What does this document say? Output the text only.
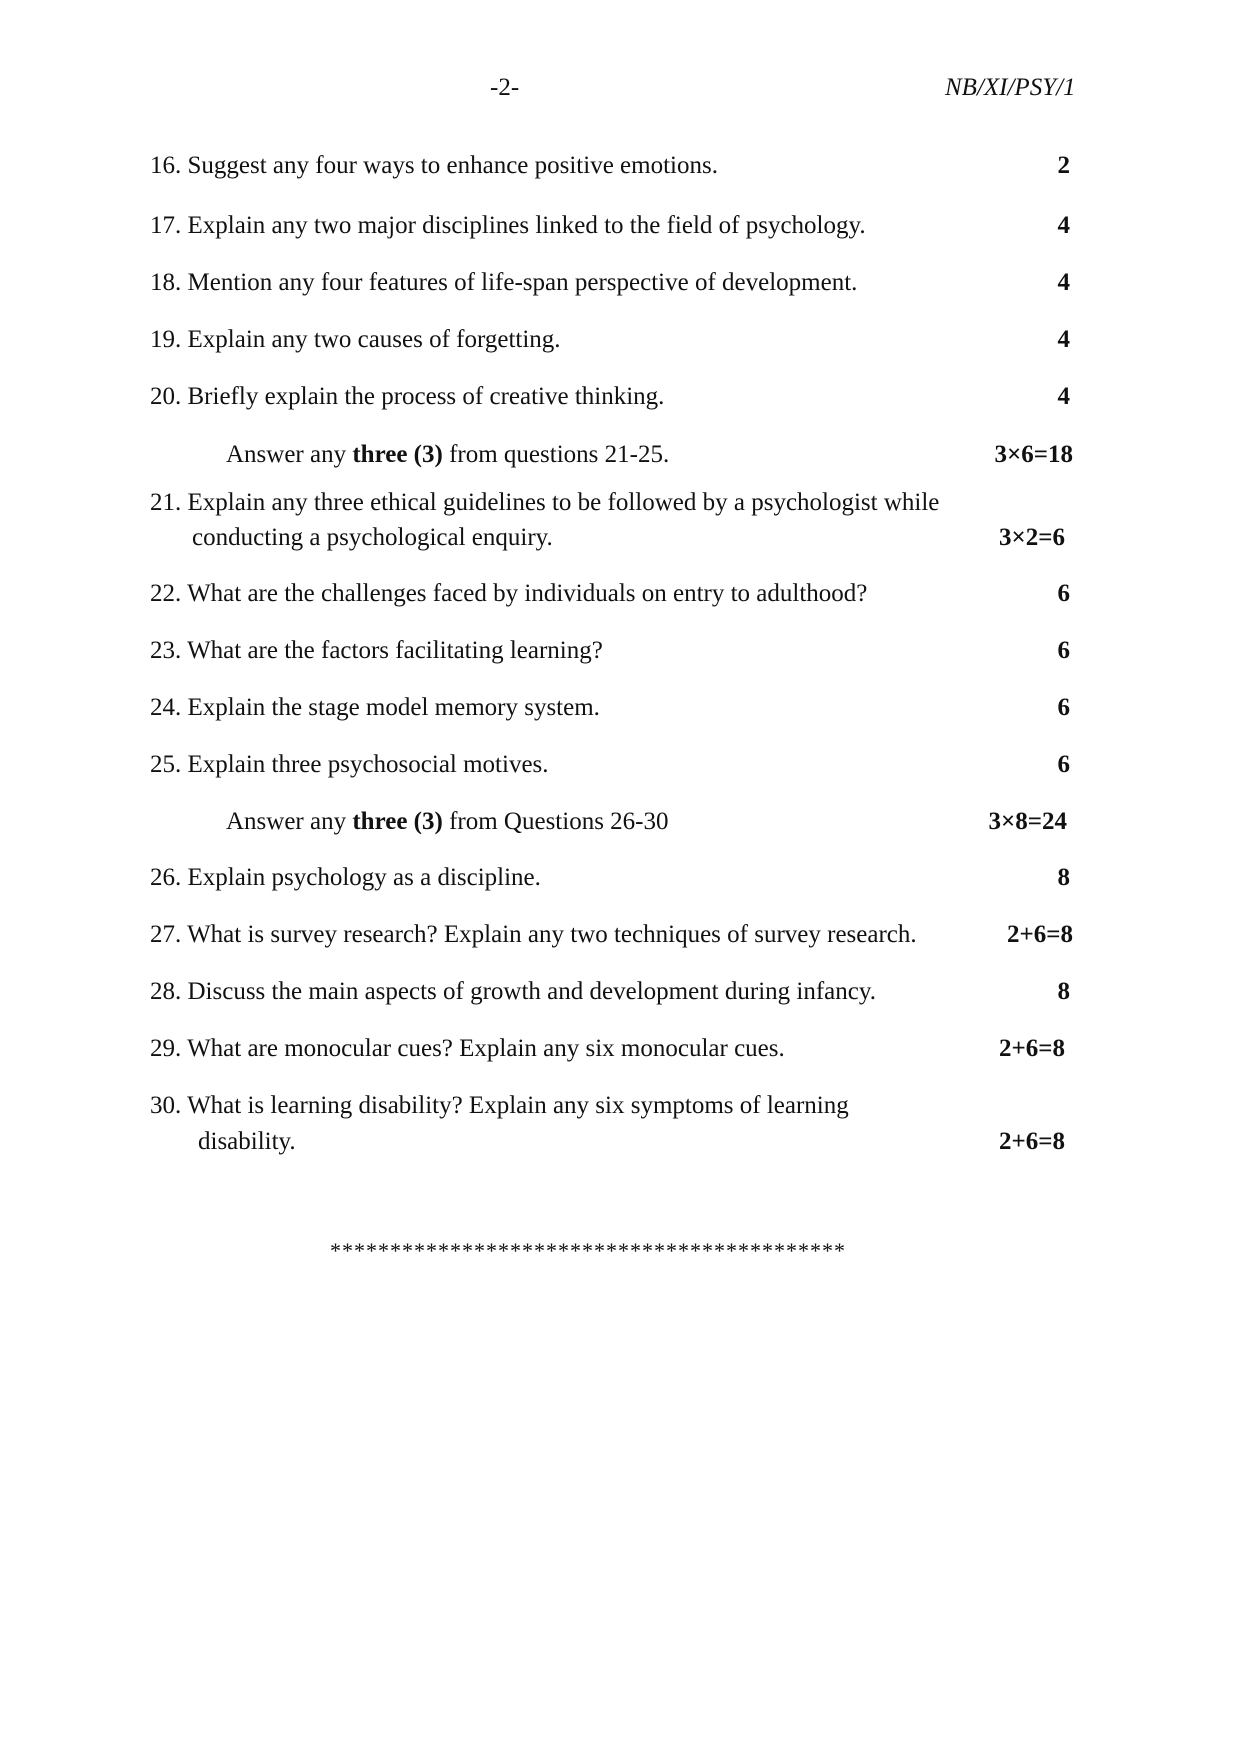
-2-	NB/XI/PSY/1
16. Suggest any four ways to enhance positive emotions.	2
17. Explain any two major disciplines linked to the field of psychology.	4
18. Mention any four features of life-span perspective of development.	4
19. Explain any two causes of forgetting.	4
20. Briefly explain the process of creative thinking.	4
Answer any three (3) from questions 21-25.	3×6=18
21. Explain any three ethical guidelines to be followed by a psychologist while
conducting a psychological enquiry.	3×2=6
22. What are the challenges faced by individuals on entry to adulthood?	6
23. What are the factors facilitating learning?	6
24. Explain the stage model memory system.	6
25. Explain three psychosocial motives.	6
Answer any three (3) from Questions 26-30	3×8=24
26. Explain psychology as a discipline.	8
27. What is survey research? Explain any two techniques of survey research.	2+6=8
28. Discuss the main aspects of growth and development during infancy.	8
29. What are monocular cues? Explain any six monocular cues.	2+6=8
30. What is learning disability? Explain any six symptoms of learning
disability.	2+6=8
*******************************************
